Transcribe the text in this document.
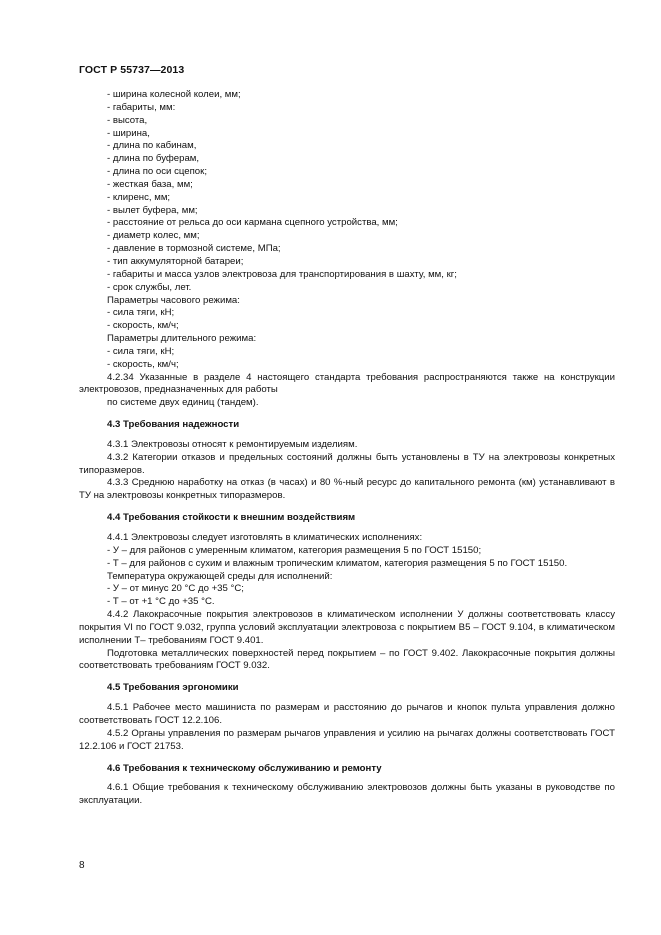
ГОСТ Р 55737—2013
- ширина колесной колеи, мм;
- габариты, мм:
- высота,
- ширина,
- длина по кабинам,
- длина по буферам,
- длина по оси сцепок;
- жесткая база, мм;
- клиренс, мм;
- вылет буфера, мм;
- расстояние от рельса до оси кармана сцепного устройства, мм;
- диаметр колес, мм;
- давление в тормозной системе, МПа;
- тип аккумуляторной батареи;
- габариты и масса узлов электровоза для транспортирования в шахту, мм, кг;
- срок службы, лет.
Параметры часового режима:
- сила тяги, кН;
- скорость, км/ч;
Параметры длительного режима:
- сила тяги, кН;
- скорость, км/ч;

4.2.34 Указанные в разделе 4 настоящего стандарта требования распространяются также на конструкции электровозов, предназначенных для работы

по системе двух единиц (тандем).
4.3 Требования надежности

4.3.1 Электровозы относят к ремонтируемым изделиям.

4.3.2 Категории отказов и предельных состояний должны быть установлены в ТУ на электровозы конкретных типоразмеров.

4.3.3 Среднюю наработку на отказ (в часах) и 80 %-ный ресурс до капитального ремонта (км) устанавливают в ТУ на электровозы конкретных типоразмеров.

4.4 Требования стойкости к внешним воздействиям

4.4.1 Электровозы следует изготовлять в климатических исполнениях:

- У – для районов с умеренным климатом, категория размещения 5 по ГОСТ 15150;

- Т – для районов с сухим и влажным тропическим климатом, категория размещения 5 по ГОСТ 15150.

Температура окружающей среды для исполнений:

- У – от минус 20 °С до +35 °С;

- Т – от +1 °С до +35 °С.

4.4.2 Лакокрасочные покрытия электровозов в климатическом исполнении У должны соответствовать классу покрытия VI по ГОСТ 9.032, группа условий эксплуатации электровоза с покрытием В5 – ГОСТ 9.104, в климатическом исполнении Т– требованиям ГОСТ 9.401.

Подготовка металлических поверхностей перед покрытием – по ГОСТ 9.402. Лакокрасочные покрытия должны соответствовать требованиям ГОСТ 9.032.

4.5 Требования эргономики

4.5.1 Рабочее место машиниста по размерам и расстоянию до рычагов и кнопок пульта управления должно соответствовать ГОСТ 12.2.106.

4.5.2 Органы управления по размерам рычагов управления и усилию на рычагах должны соответствовать ГОСТ 12.2.106 и ГОСТ 21753.

4.6 Требования к техническому обслуживанию и ремонту

4.6.1 Общие требования к техническому обслуживанию электровозов должны быть указаны в руководстве по эксплуатации.

8
